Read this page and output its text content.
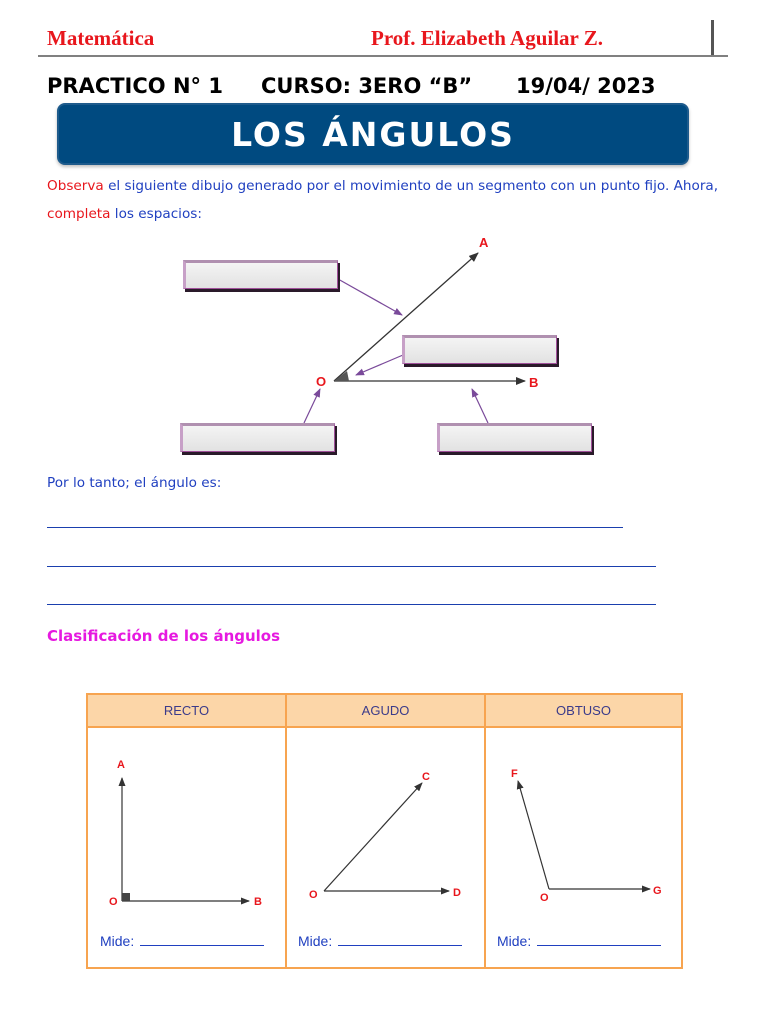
Matemática	Prof. Elizabeth Aguilar Z.
PRACTICO N° 1 CURSO: 3ERO “B” 19/04/ 2023
LOS ÁNGULOS
Observa el siguiente dibujo generado por el movimiento de un segmento con un punto fijo. Ahora,
completa los espacios:
A
B
O
Por lo tanto; el ángulo es:
Clasificación de los ángulos
RECTO	AGUDO	OBTUSO
A
O	B
C
O	D
F
O
G
Mide:	Mide:	Mide:
